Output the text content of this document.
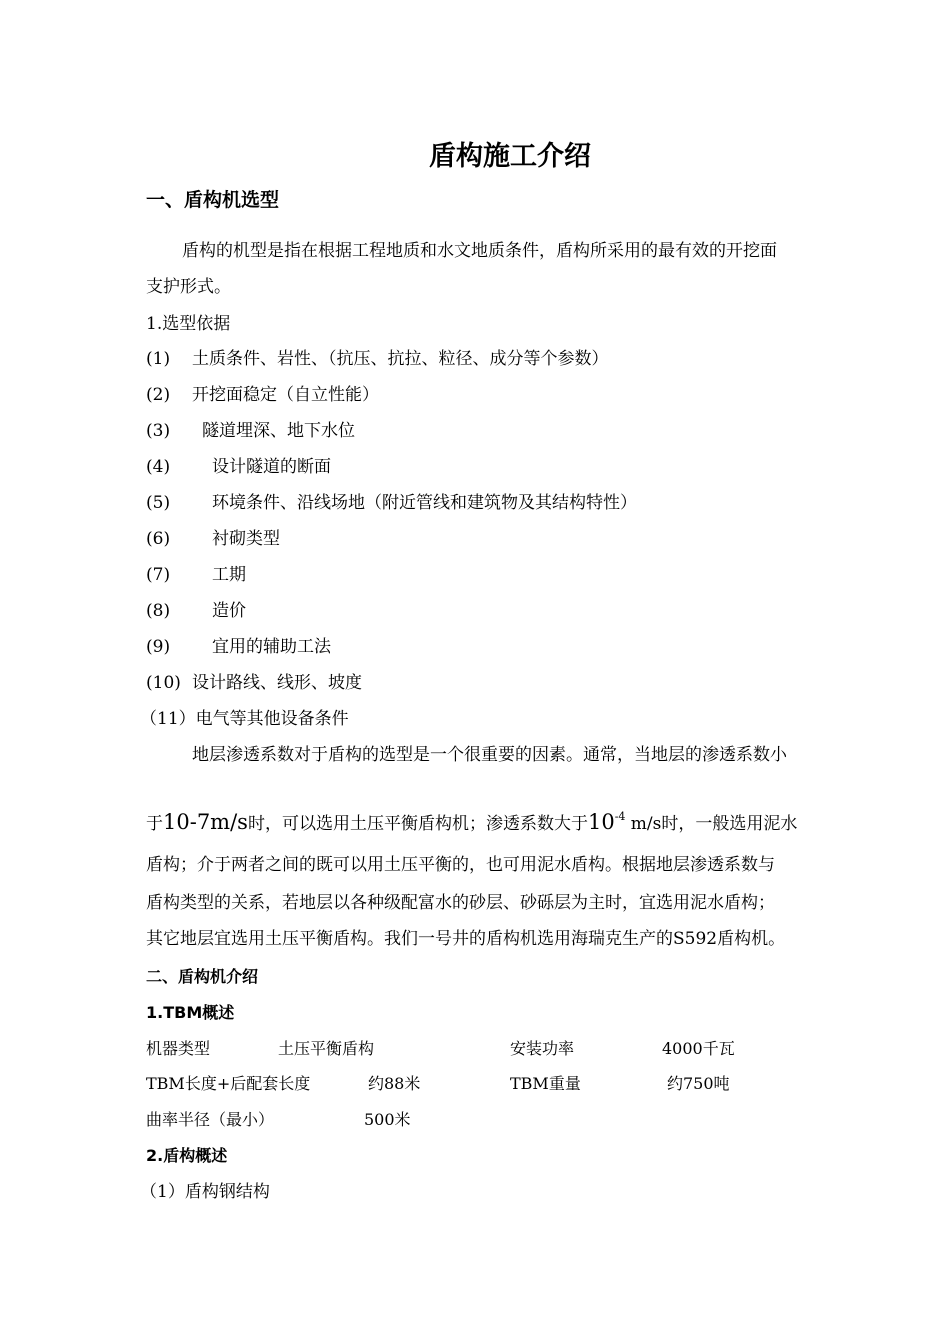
盾构施工介绍
一、盾构机选型
盾构的机型是指在根据工程地质和水文地质条件，盾构所采用的最有效的开挖面
支护形式。
1.选型依据
(1) 土质条件、岩性、（抗压、抗拉、粒径、成分等个参数）
(2) 开挖面稳定（自立性能）
(3) 隧道埋深、地下水位
(4) 设计隧道的断面
(5) 环境条件、沿线场地（附近管线和建筑物及其结构特性）
(6) 衬砌类型
(7) 工期
(8) 造价
(9) 宜用的辅助工法
(10) 设计路线、线形、坡度
（11）电气等其他设备条件
地层渗透系数对于盾构的选型是一个很重要的因素。通常，当地层的渗透系数小
于10-7m/s时，可以选用土压平衡盾构机；渗透系数大于$10^{-4}$ m/s时，一般选用泥水
盾构；介于两者之间的既可以用土压平衡的，也可用泥水盾构。根据地层渗透系数与
盾构类型的关系，若地层以各种级配富水的砂层、砂砾层为主时，宜选用泥水盾构；
其它地层宜选用土压平衡盾构。我们一号井的盾构机选用海瑞克生产的S592盾构机。
二、盾构机介绍
1.TBM概述
机器类型	土压平衡盾构	安装功率	4000千瓦
TBM长度+后配套长度	约88米	TBM重量	约750吨
曲率半径（最小）	500米
2.盾构概述
（1）盾构钢结构
